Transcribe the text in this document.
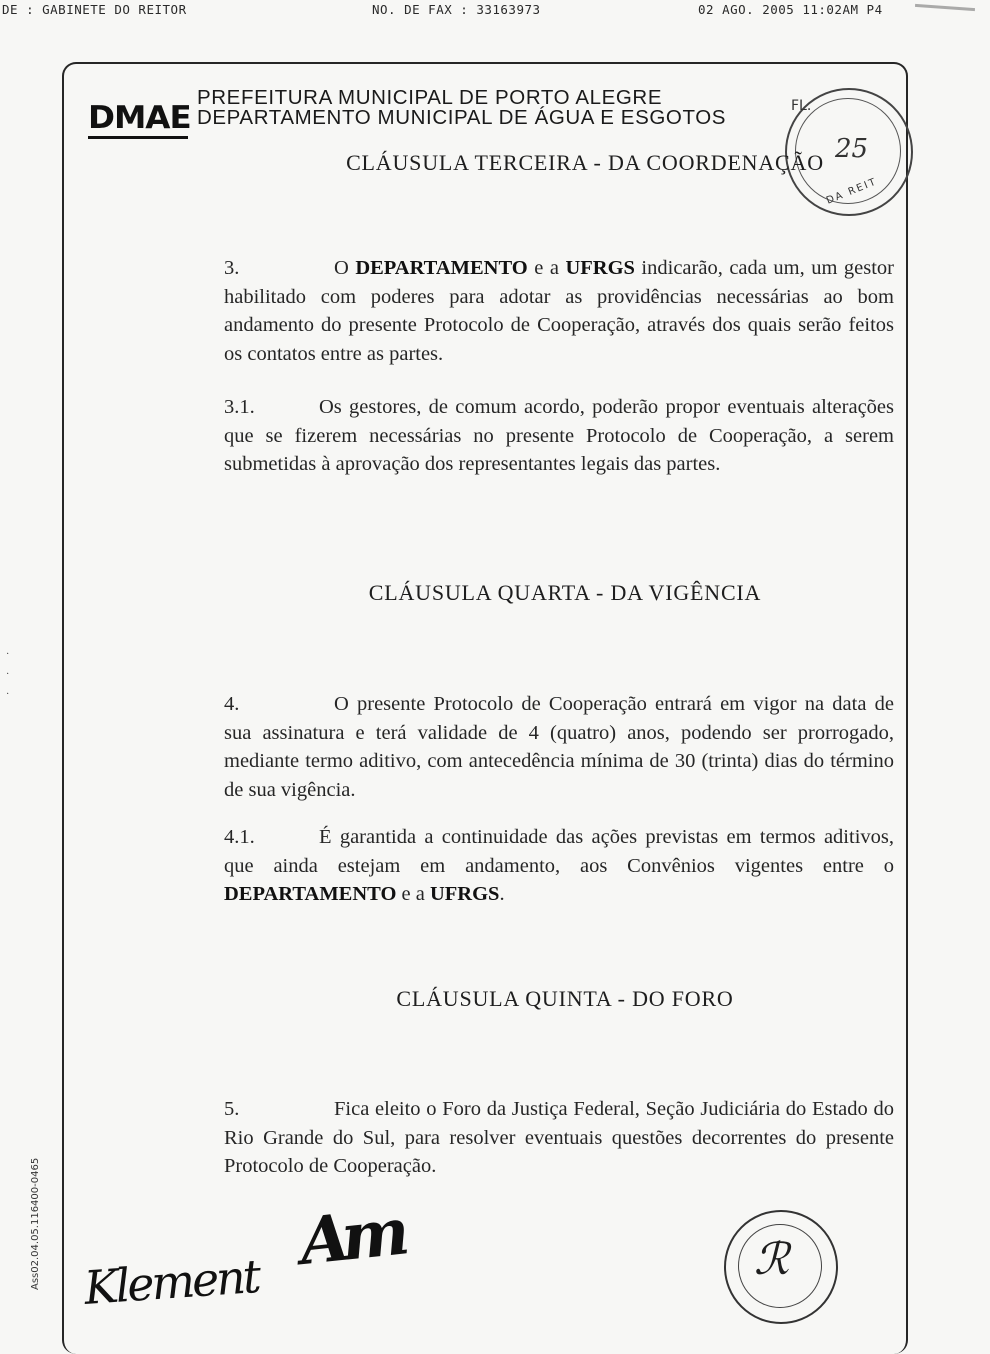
DE : GABINETE DO REITOR	NO. DE FAX : 33163973	02 AGO. 2005 11:02AM P4
DMAE
PREFEITURA MUNICIPAL DE PORTO ALEGRE
DEPARTAMENTO MUNICIPAL DE ÁGUA E ESGOTOS	FL.
25
DA REIT
CLÁUSULA TERCEIRA - DA COORDENAÇÃO
3.	O DEPARTAMENTO e a UFRGS indicarão, cada um, um gestor habilitado com poderes para adotar as providências necessárias ao bom andamento do presente Protocolo de Cooperação, através dos quais serão feitos os contatos entre as partes.
3.1.	Os gestores, de comum acordo, poderão propor eventuais alterações que se fizerem necessárias no presente Protocolo de Cooperação, a serem submetidas à aprovação dos representantes legais das partes.
CLÁUSULA QUARTA - DA VIGÊNCIA
4.	O presente Protocolo de Cooperação entrará em vigor na data de sua assinatura e terá validade de 4 (quatro) anos, podendo ser prorrogado, mediante termo aditivo, com antecedência mínima de 30 (trinta) dias do término de sua vigência.
4.1.	É garantida a continuidade das ações previstas em termos aditivos, que ainda estejam em andamento, aos Convênios vigentes entre o DEPARTAMENTO e a UFRGS.
CLÁUSULA QUINTA - DO FORO
5.	Fica eleito o Foro da Justiça Federal, Seção Judiciária do Estado do Rio Grande do Sul, para resolver eventuais questões decorrentes do presente Protocolo de Cooperação.
·
·
·
Ass02.04.05.116400-0465 Klement
Am	ℛ
